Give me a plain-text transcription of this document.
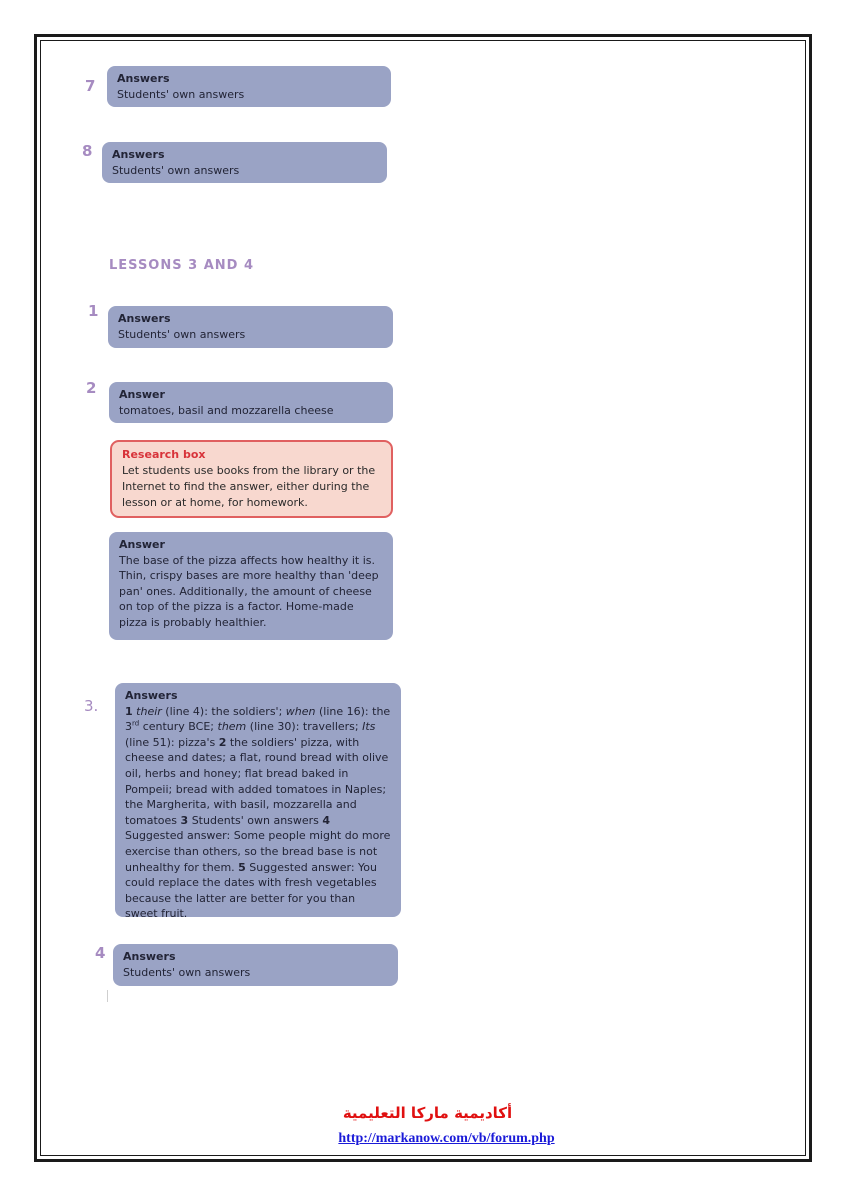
7 Answers
Students' own answers
8 Answers
Students' own answers
LESSONS 3 AND 4
1 Answers
Students' own answers
2 Answer
tomatoes, basil and mozzarella cheese
Research box
Let students use books from the library or the Internet to find the answer, either during the lesson or at home, for homework.
Answer
The base of the pizza affects how healthy it is. Thin, crispy bases are more healthy than 'deep pan' ones. Additionally, the amount of cheese on top of the pizza is a factor. Home-made pizza is probably healthier.
3.
Answers
1 their (line 4): the soldiers'; when (line 16): the 3rd century BCE; them (line 30): travellers; Its (line 51): pizza's 2 the soldiers' pizza, with cheese and dates; a flat, round bread with olive oil, herbs and honey; flat bread baked in Pompeii; bread with added tomatoes in Naples; the Margherita, with basil, mozzarella and tomatoes 3 Students' own answers 4 Suggested answer: Some people might do more exercise than others, so the bread base is not unhealthy for them. 5 Suggested answer: You could replace the dates with fresh vegetables because the latter are better for you than sweet fruit.
4 Answers
Students' own answers
أكاديمية ماركا التعليمية
http://markanow.com/vb/forum.php
